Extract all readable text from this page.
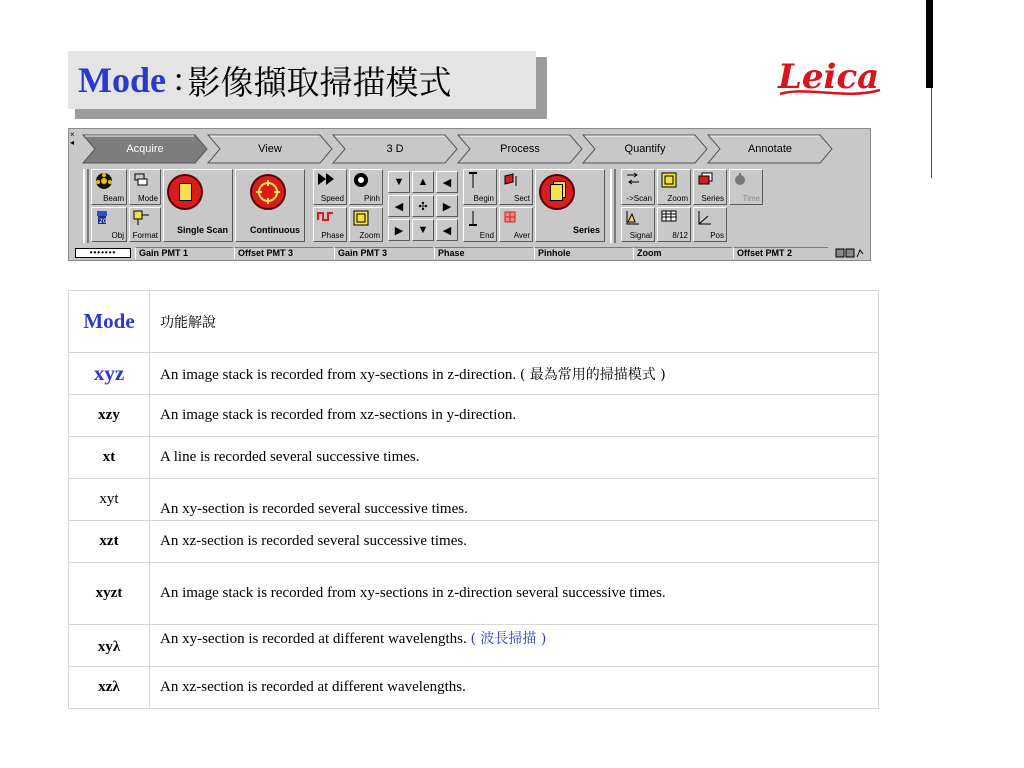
Mode : 影像擷取掃描模式	Leica
×
◂
Acquire	View	3 D	Process	Quantify	Annotate
Beam Mode
20
Obj Format
Single Scan Continuous
Speed Pinh
Phase Zoom
▼	▲	◀
◀	✣	▶
▶	▼	◀
Begin Sect
End Aver
Series
->Scan Zoom Series Time
Signal	8/12	Pos
•••••••	Gain PMT 1	Offset PMT 3	Gain PMT 3	Phase	Pinhole	Zoom	Offset PMT 2
Mode	功能解說
xyz	An image stack is recorded from xy-sections in z-direction. ( 最為常用的掃描模式 )
xzy	An image stack is recorded from xz-sections in y-direction.
xt	A line is recorded several successive times.
xyt	An xy-section is recorded several successive times.
xzt	An xz-section is recorded several successive times.
xyzt	An image stack is recorded from xy-sections in z-direction several successive times.
xyλ	An xy-section is recorded at different wavelengths. ( 波長掃描 )
xzλ	An xz-section is recorded at different wavelengths.
